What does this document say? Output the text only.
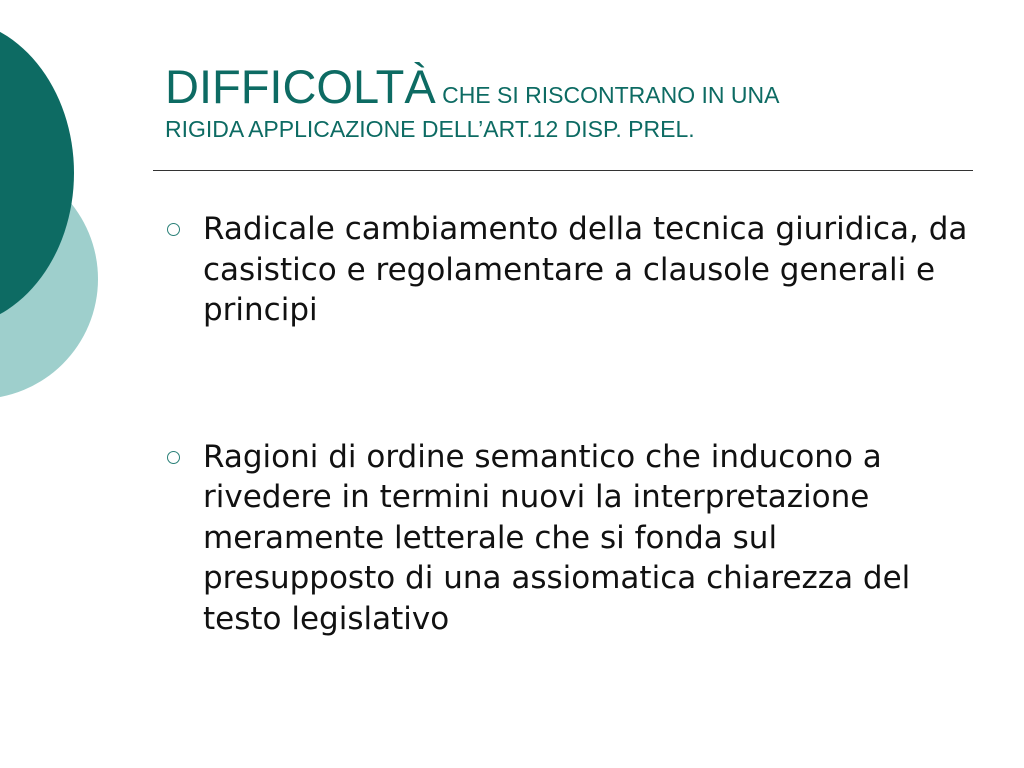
DIFFICOLTÀ CHE SI RISCONTRANO IN UNA
RIGIDA APPLICAZIONE DELL’ART.12 DISP. PREL.
Radicale cambiamento della tecnica giuridica, da casistico e regolamentare a clausole generali e principi
Ragioni di ordine semantico che inducono a rivedere in termini nuovi la interpretazione meramente letterale che si fonda sul presupposto di una assiomatica chiarezza del testo legislativo
